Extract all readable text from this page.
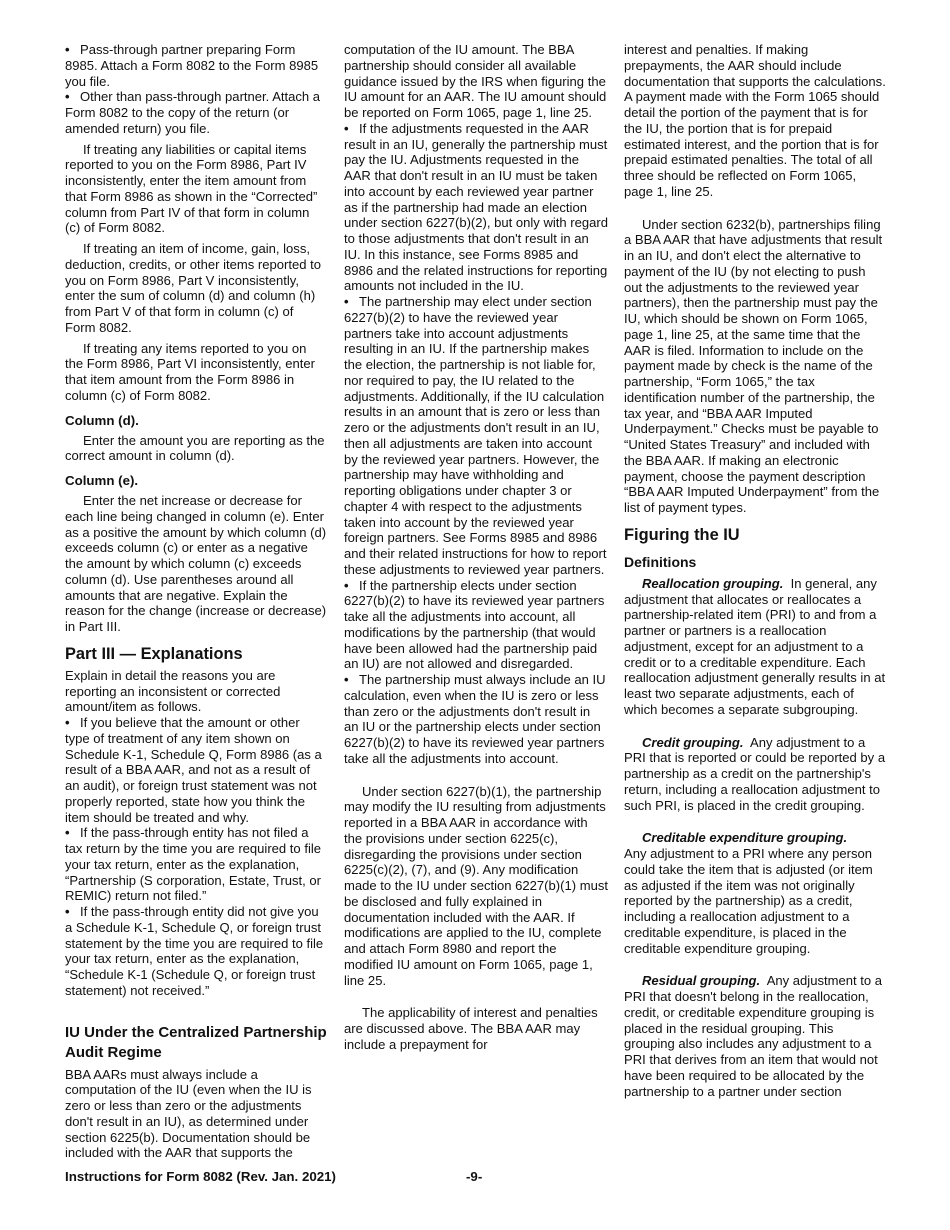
• Pass-through partner preparing Form 8985. Attach a Form 8082 to the Form 8985 you file.

• Other than pass-through partner. Attach a Form 8082 to the copy of the return (or amended return) you file.

If treating any liabilities or capital items reported to you on the Form 8986, Part IV inconsistently, enter the item amount from that Form 8986 as shown in the “Corrected” column from Part IV of that form in column (c) of Form 8082.

If treating an item of income, gain, loss, deduction, credits, or other items reported to you on Form 8986, Part V inconsistently, enter the sum of column (d) and column (h) from Part V of that form in column (c) of Form 8082.

If treating any items reported to you on the Form 8986, Part VI inconsistently, enter that item amount from the Form 8986 in column (c) of Form 8082.

Column (d).

Enter the amount you are reporting as the correct amount in column (d).

Column (e).

Enter the net increase or decrease for each line being changed in column (e). Enter as a positive the amount by which column (d) exceeds column (c) or enter as a negative the amount by which column (c) exceeds column (d). Use parentheses around all amounts that are negative. Explain the reason for the change (increase or decrease) in Part III.

Part III — Explanations

Explain in detail the reasons you are reporting an inconsistent or corrected amount/item as follows.

• If you believe that the amount or other type of treatment of any item shown on Schedule K-1, Schedule Q, Form 8986 (as a result of a BBA AAR, and not as a result of an audit), or foreign trust statement was not properly reported, state how you think the item should be treated and why.

• If the pass-through entity has not filed a tax return by the time you are required to file your tax return, enter as the explanation, “Partnership (S corporation, Estate, Trust, or REMIC) return not filed.”

• If the pass-through entity did not give you a Schedule K-1, Schedule Q, or foreign trust statement by the time you are required to file your tax return, enter as the explanation, “Schedule K-1 (Schedule Q, or foreign trust statement) not received.”

IU Under the Centralized Partnership Audit Regime

BBA AARs must always include a computation of the IU (even when the IU is zero or less than zero or the adjustments don't result in an IU), as determined under section 6225(b). Documentation should be included with the AAR that supports the

computation of the IU amount. The BBA partnership should consider all available guidance issued by the IRS when figuring the IU amount for an AAR. The IU amount should be reported on Form 1065, page 1, line 25.

• If the adjustments requested in the AAR result in an IU, generally the partnership must pay the IU. Adjustments requested in the AAR that don't result in an IU must be taken into account by each reviewed year partner as if the partnership had made an election under section 6227(b)(2), but only with regard to those adjustments that don't result in an IU. In this instance, see Forms 8985 and 8986 and the related instructions for reporting amounts not included in the IU.

• The partnership may elect under section 6227(b)(2) to have the reviewed year partners take into account adjustments resulting in an IU. If the partnership makes the election, the partnership is not liable for, nor required to pay, the IU related to the adjustments. Additionally, if the IU calculation results in an amount that is zero or less than zero or the adjustments don't result in an IU, then all adjustments are taken into account by the reviewed year partners. However, the partnership may have withholding and reporting obligations under chapter 3 or chapter 4 with respect to the adjustments taken into account by the reviewed year foreign partners. See Forms 8985 and 8986 and their related instructions for how to report these adjustments to reviewed year partners.

• If the partnership elects under section 6227(b)(2) to have its reviewed year partners take all the adjustments into account, all modifications by the partnership (that would have been allowed had the partnership paid an IU) are not allowed and disregarded.

• The partnership must always include an IU calculation, even when the IU is zero or less than zero or the adjustments don't result in an IU or the partnership elects under section 6227(b)(2) to have its reviewed year partners take all the adjustments into account.

Under section 6227(b)(1), the partnership may modify the IU resulting from adjustments reported in a BBA AAR in accordance with the provisions under section 6225(c), disregarding the provisions under section 6225(c)(2), (7), and (9). Any modification made to the IU under section 6227(b)(1) must be disclosed and fully explained in documentation included with the AAR. If modifications are applied to the IU, complete and attach Form 8980 and report the modified IU amount on Form 1065, page 1, line 25.

The applicability of interest and penalties are discussed above. The BBA AAR may include a prepayment for

interest and penalties. If making prepayments, the AAR should include documentation that supports the calculations. A payment made with the Form 1065 should detail the portion of the payment that is for the IU, the portion that is for prepaid estimated interest, and the portion that is for prepaid estimated penalties. The total of all three should be reflected on Form 1065, page 1, line 25.

Under section 6232(b), partnerships filing a BBA AAR that have adjustments that result in an IU, and don't elect the alternative to payment of the IU (by not electing to push out the adjustments to the reviewed year partners), then the partnership must pay the IU, which should be shown on Form 1065, page 1, line 25, at the same time that the AAR is filed. Information to include on the payment made by check is the name of the partnership, “Form 1065,” the tax identification number of the partnership, the tax year, and “BBA AAR Imputed Underpayment.” Checks must be payable to “United States Treasury” and included with the BBA AAR. If making an electronic payment, choose the payment description “BBA AAR Imputed Underpayment” from the list of payment types.

Figuring the IU
Definitions

Reallocation grouping. In general, any adjustment that allocates or reallocates a partnership-related item (PRI) to and from a partner or partners is a reallocation adjustment, except for an adjustment to a credit or to a creditable expenditure. Each reallocation adjustment generally results in at least two separate adjustments, each of which becomes a separate subgrouping.

Credit grouping. Any adjustment to a PRI that is reported or could be reported by a partnership as a credit on the partnership's return, including a reallocation adjustment to such PRI, is placed in the credit grouping.

Creditable expenditure grouping.
Any adjustment to a PRI where any person could take the item that is adjusted (or item as adjusted if the item was not originally reported by the partnership) as a credit, including a reallocation adjustment to a creditable expenditure, is placed in the creditable expenditure grouping.

Residual grouping. Any adjustment to a PRI that doesn't belong in the reallocation, credit, or creditable expenditure grouping is placed in the residual grouping. This grouping also includes any adjustment to a PRI that derives from an item that would not have been required to be allocated by the partnership to a partner under section

Instructions for Form 8082 (Rev. Jan. 2021)	-9-
